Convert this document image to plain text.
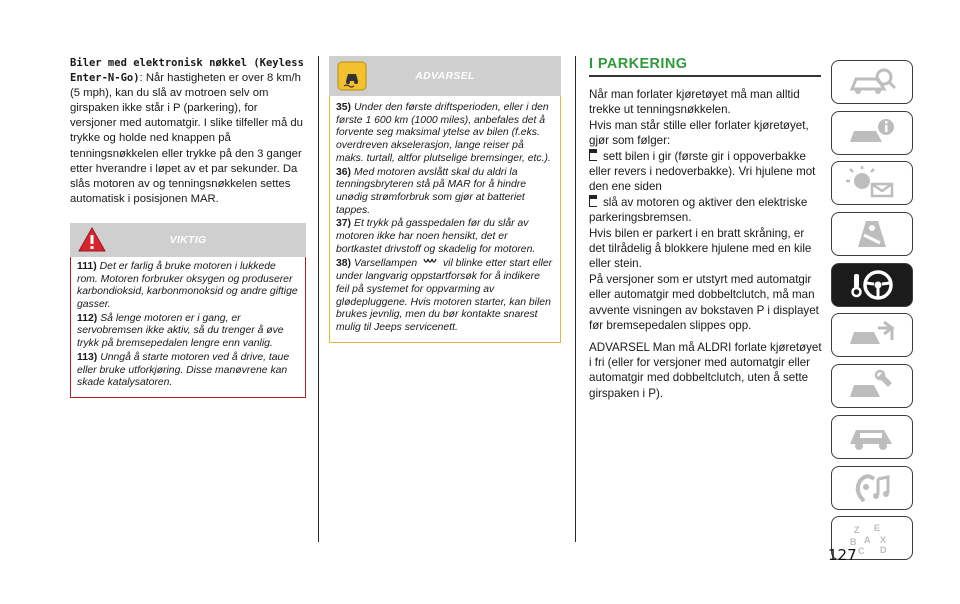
Biler med elektronisk nøkkel (Keyless Enter-N-Go): Når hastigheten er over 8 km/h (5 mph), kan du slå av motroen selv om girspaken ikke står i P (parkering), for versjoner med automatgir. I slike tilfeller må du trykke og holde ned knappen på tenningsnøkkelen eller trykke på den 3 ganger etter hverandre i løpet av et par sekunder. Da slås motoren av og tenningsnøkkelen settes automatisk i posisjonen MAR.

VIKTIG

111) Det er farlig å bruke motoren i lukkede rom. Motoren forbruker oksygen og produserer karbondioksid, karbonmonoksid og andre giftige gasser.

112) Så lenge motoren er i gang, er servobremsen ikke aktiv, så du trenger å øve trykk på bremsepedalen lengre enn vanlig.

113) Unngå å starte motoren ved å drive, taue eller bruke utforkjøring. Disse manøvrene kan skade katalysatoren.

ADVARSEL

35) Under den første driftsperioden, eller i den første 1 600 km (1000 miles), anbefales det å forvente seg maksimal ytelse av bilen (f.eks. overdreven akselerasjon, lange reiser på maks. turtall, altfor plutselige bremsinger, etc.).

36) Med motoren avslått skal du aldri la tenningsbryteren stå på MAR for å hindre unødig strømforbruk som gjør at batteriet tappes.

37) Et trykk på gasspedalen før du slår av motoren ikke har noen hensikt, det er bortkastet drivstoff og skadelig for motoren.

38) Varsellampen vil blinke etter start eller under langvarig oppstartforsøk for å indikere feil på systemet for oppvarming av glødepluggene. Hvis motoren starter, kan bilen brukes jevnlig, men du bør kontakte snarest mulig til Jeeps servicenett.

I PARKERING

Når man forlater kjøretøyet må man alltid trekke ut tenningsnøkkelen.

Hvis man står stille eller forlater kjøretøyet, gjør som følger:

sett bilen i gir (første gir i oppoverbakke eller revers i nedoverbakke). Vri hjulene mot den ene siden

slå av motoren og aktiver den elektriske parkeringsbremsen.

Hvis bilen er parkert i en bratt skråning, er det tilrådelig å blokkere hjulene med en kile eller stein.

På versjoner som er utstyrt med automatgir eller automatgir med dobbeltclutch, må man avvente visningen av bokstaven P i displayet før bremsepedalen slippes opp.

ADVARSEL Man må ALDRI forlate kjøretøyet i fri (eller for versjoner med automatgir eller automatgir med dobbeltclutch, uten å sette girspaken i P).

Z E
B A X
C D
127
